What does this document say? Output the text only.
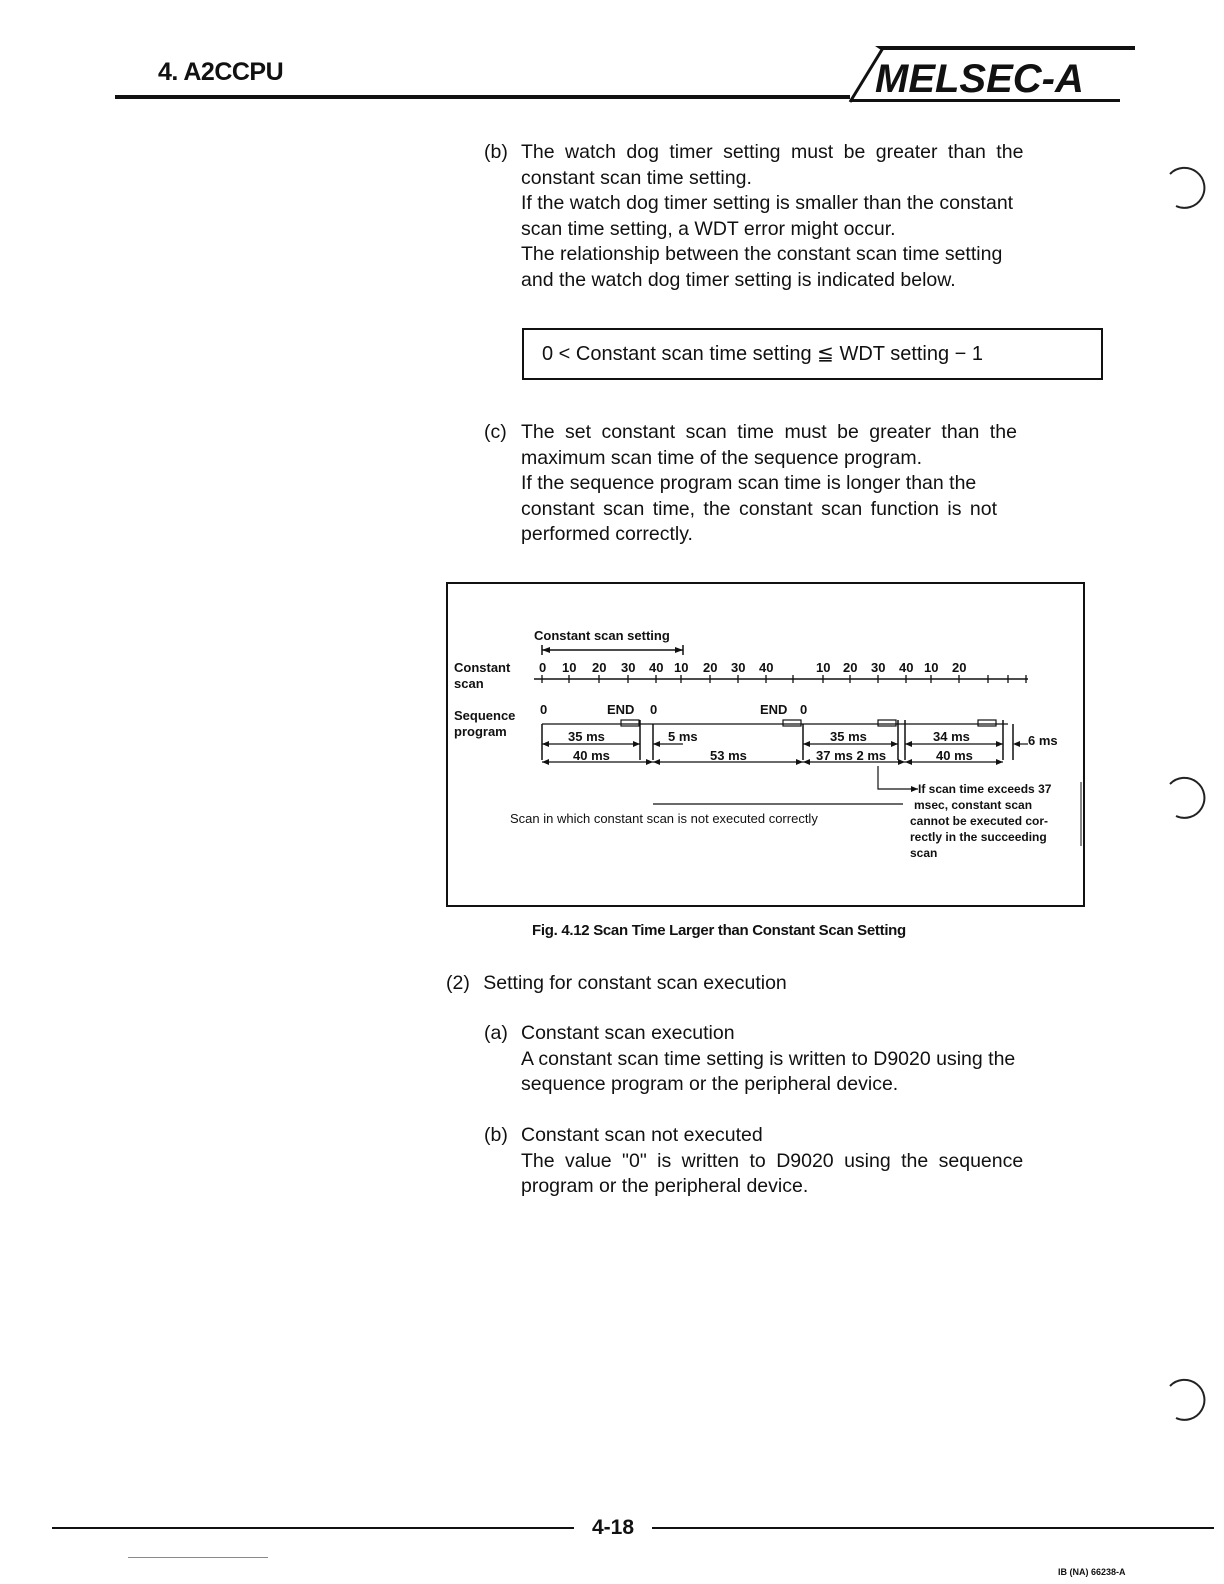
4. A2CCPU	MELSEC-A
(b) The watch dog timer setting must be greater than the
constant scan time setting.
If the watch dog timer setting is smaller than the constant
scan time setting, a WDT error might occur.
The relationship between the constant scan time setting
and the watch dog timer setting is indicated below.
0 < Constant scan time setting ≦ WDT setting − 1
(c) The set constant scan time must be greater than the
maximum scan time of the sequence program.
If the sequence program scan time is longer than the
constant scan time, the constant scan function is not
performed correctly.
Constant scan setting
Constant
scan
Sequence
program
0 10 20 30 40 10 20 30 40	10 20 30 40 10 20
0	END 0	END 0
35 ms	5 ms	35 ms	34 ms	6 ms
40 ms	53 ms	37 ms 2 ms	40 ms
If scan time exceeds 37
msec, constant scan
cannot be executed cor-
rectly in the succeeding
scan
Scan in which constant scan is not executed correctly
Fig. 4.12 Scan Time Larger than Constant Scan Setting
(2) Setting for constant scan execution
(a) Constant scan execution
A constant scan time setting is written to D9020 using the
sequence program or the peripheral device.
(b) Constant scan not executed
The value "0" is written to D9020 using the sequence
program or the peripheral device.
4-18
IB (NA) 66238-A
